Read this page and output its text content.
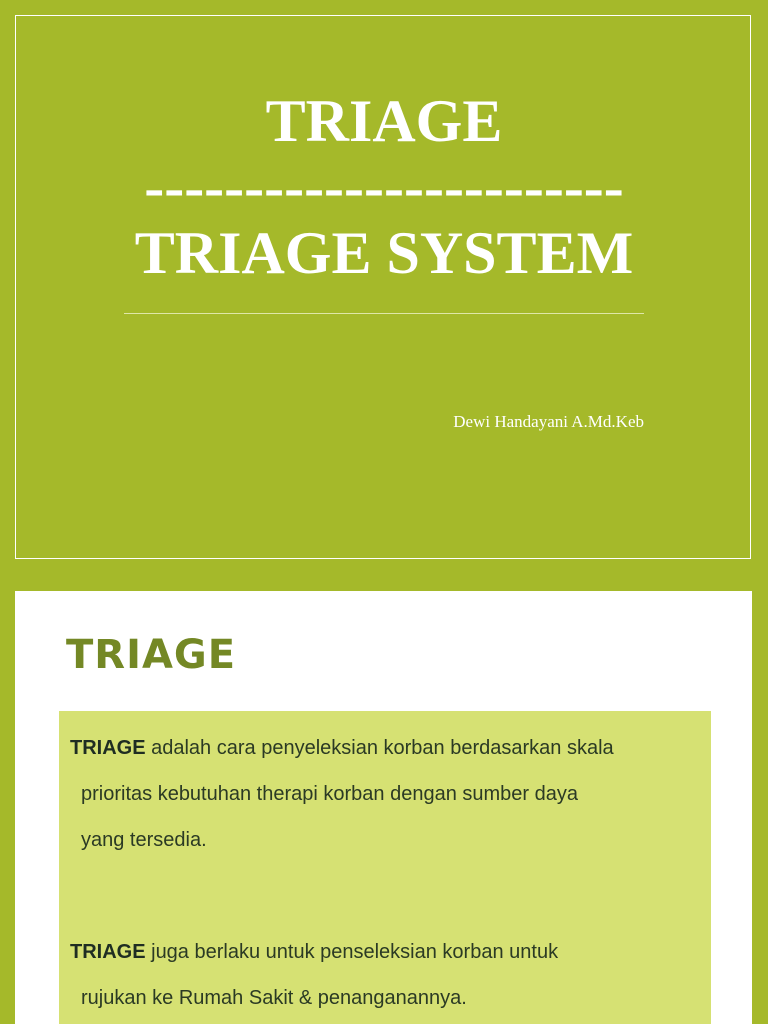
TRIAGE
------------------------
TRIAGE SYSTEM
Dewi Handayani A.Md.Keb
TRIAGE

TRIAGE adalah cara penyeleksian korban berdasarkan skala
prioritas kebutuhan therapi korban dengan sumber daya
yang tersedia.

TRIAGE juga berlaku untuk penseleksian korban untuk
rujukan ke Rumah Sakit & penanganannya.
